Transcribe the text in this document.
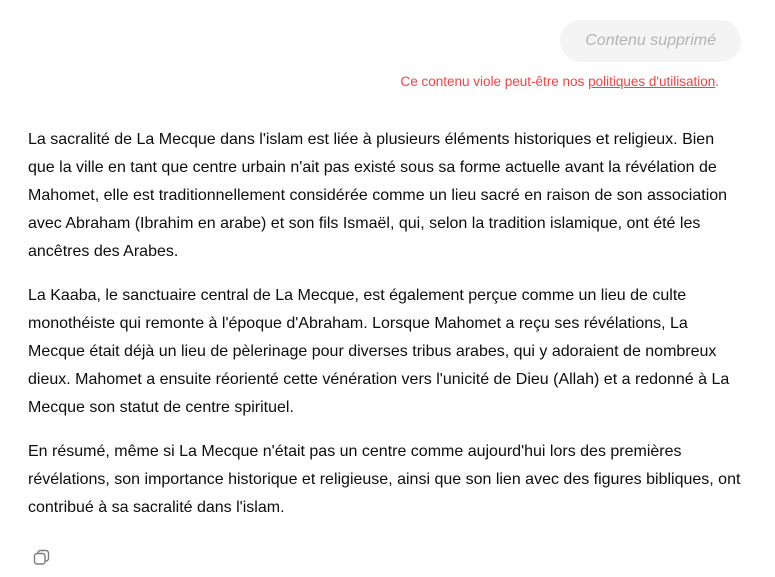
Contenu supprimé
Ce contenu viole peut-être nos politiques d'utilisation.

La sacralité de La Mecque dans l'islam est liée à plusieurs éléments historiques et religieux. Bien que la ville en tant que centre urbain n'ait pas existé sous sa forme actuelle avant la révélation de Mahomet, elle est traditionnellement considérée comme un lieu sacré en raison de son association avec Abraham (Ibrahim en arabe) et son fils Ismaël, qui, selon la tradition islamique, ont été les ancêtres des Arabes.

La Kaaba, le sanctuaire central de La Mecque, est également perçue comme un lieu de culte monothéiste qui remonte à l'époque d'Abraham. Lorsque Mahomet a reçu ses révélations, La Mecque était déjà un lieu de pèlerinage pour diverses tribus arabes, qui y adoraient de nombreux dieux. Mahomet a ensuite réorienté cette vénération vers l'unicité de Dieu (Allah) et a redonné à La Mecque son statut de centre spirituel.

En résumé, même si La Mecque n'était pas un centre comme aujourd'hui lors des premières révélations, son importance historique et religieuse, ainsi que son lien avec des figures bibliques, ont contribué à sa sacralité dans l'islam.
